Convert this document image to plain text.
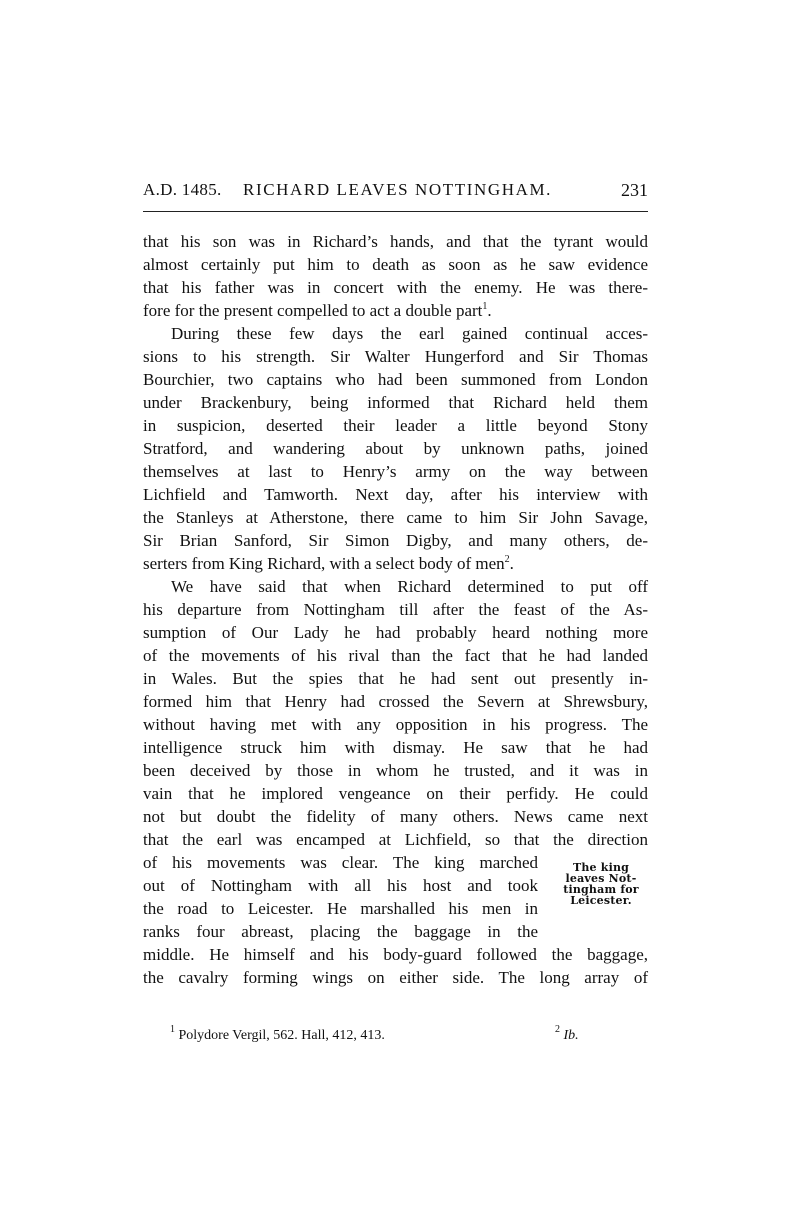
A.D. 1485. RICHARD LEAVES NOTTINGHAM.	231
that his son was in Richard’s hands, and that the tyrant would
almost certainly put him to death as soon as he saw evidence
that his father was in concert with the enemy. He was there-
fore for the present compelled to act a double part$^1$.
During these few days the earl gained continual acces-
sions to his strength. Sir Walter Hungerford and Sir Thomas
Bourchier, two captains who had been summoned from London
under Brackenbury, being informed that Richard held them
in suspicion, deserted their leader a little beyond Stony
Stratford, and wandering about by unknown paths, joined
themselves at last to Henry’s army on the way between
Lichfield and Tamworth. Next day, after his interview with
the Stanleys at Atherstone, there came to him Sir John Savage,
Sir Brian Sanford, Sir Simon Digby, and many others, de-
serters from King Richard, with a select body of men$^2$.
We have said that when Richard determined to put off
his departure from Nottingham till after the feast of the As-
sumption of Our Lady he had probably heard nothing more
of the movements of his rival than the fact that he had landed
in Wales. But the spies that he had sent out presently in-
formed him that Henry had crossed the Severn at Shrewsbury,
without having met with any opposition in his progress. The
intelligence struck him with dismay. He saw that he had
been deceived by those in whom he trusted, and it was in
vain that he implored vengeance on their perfidy. He could
not but doubt the fidelity of many others. News came next
that the earl was encamped at Lichfield, so that the direction
of his movements was clear. The king marched
out of Nottingham with all his host and took
the road to Leicester. He marshalled his men in
ranks four abreast, placing the baggage in the
middle. He himself and his body-guard followed the baggage,
the cavalry forming wings on either side. The long array of
The king
leaves Not-
tingham for
Leicester.
$^1$ Polydore Vergil, 562. Hall, 412, 413.	$^2$ Ib.
